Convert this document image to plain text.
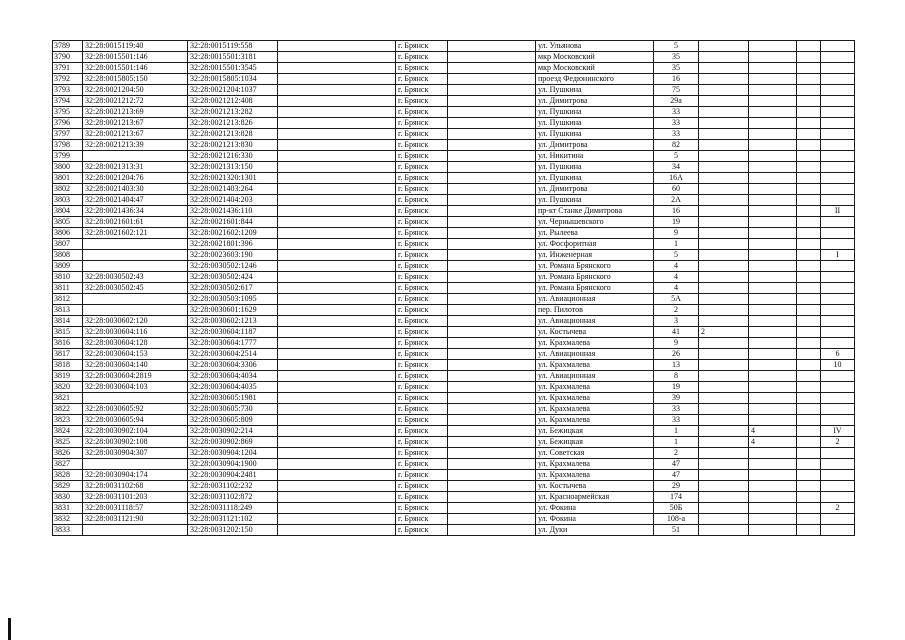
3789	32:28:0015119:40	32:28:0015119:558		г. Брянск		ул. Ульянова	5				
3790	32:28:0015501:146	32:28:0015501:3181		г. Брянск		мкр Московский	35				
3791	32:28:0015501:146	32:28:0015501:3545		г. Брянск		мкр Московский	35				
3792	32:28:0015805:150	32:28:0015805:1034		г. Брянск		проезд Федюнинского	16				
3793	32:28:0021204:50	32:28:0021204:1037		г. Брянск		ул. Пушкина	75				
3794	32:28:0021212:72	32:28:0021212:408		г. Брянск		ул. Димитрова	29а				
3795	32:28:0021213:69	32:28:0021213:282		г. Брянск		ул. Пушкина	33				
3796	32:28:0021213:67	32:28:0021213:826		г. Брянск		ул. Пушкина	33				
3797	32:28:0021213:67	32:28:0021213:828		г. Брянск		ул. Пушкина	33				
3798	32:28:0021213:39	32:28:0021213:830		г. Брянск		ул. Димитрова	82				
3799		32:28:0021216:330		г. Брянск		ул. Никитина	5				
3800	32:28:0021313:31	32:28:0021313:150		г. Брянск		ул. Пушкина	34				
3801	32:28:0021204:76	32:28:0021320:1301		г. Брянск		ул. Пушкина	16А				
3802	32:28:0021403:30	32:28:0021403:264		г. Брянск		ул. Димитрова	60				
3803	32:28:0021404:47	32:28:0021404:203		г. Брянск		ул. Пушкина	2А				
3804	32:28:0021436:34	32:28:0021436:110		г. Брянск		пр-кт Станке Димитрова	16				II
3805	32:28:0021601:61	32:28:0021601:844		г. Брянск		ул. Чернышевского	19				
3806	32:28:0021602:121	32:28:0021602:1209		г. Брянск		ул. Рылеева	9				
3807		32:28:0021801:396		г. Брянск		ул. Фосфоритная	1				
3808		32:28:0023603:190		г. Брянск		ул. Инженерная	5				I
3809		32:28:0030502:1246		г. Брянск		ул. Романа Брянского	4				
3810	32:28:0030502:43	32:28:0030502:424		г. Брянск		ул. Романа Брянского	4				
3811	32:28:0030502:45	32:28:0030502:617		г. Брянск		ул. Романа Брянского	4				
3812		32:28:0030503:1095		г. Брянск		ул. Авиационная	5А				
3813		32:28:0030601:1629		г. Брянск		пер. Пилотов	2				
3814	32:28:0030602:120	32:28:0030602:1213		г. Брянск		ул. Авиационная	3				
3815	32:28:0030604:116	32:28:0030604:1187		г. Брянск		ул. Костычева	41	2			
3816	32:28:0030604:128	32:28:0030604:1777		г. Брянск		ул. Крахмалева	9				
3817	32:28:0030604:153	32:28:0030604:2514		г. Брянск		ул. Авиационная	26				6
3818	32:28:0030604:140	32:28:0030604:3306		г. Брянск		ул. Крахмалева	13				10
3819	32:28:0030604:2819	32:28:0030604:4034		г. Брянск		ул. Авиационная	8				
3820	32:28:0030604:103	32:28:0030604:4035		г. Брянск		ул. Крахмалева	19				
3821		32:28:0030605:1981		г. Брянск		ул. Крахмалева	39				
3822	32:28:0030605:92	32:28:0030605:730		г. Брянск		ул. Крахмалева	33				
3823	32:28:0030605:94	32:28:0030605:809		г. Брянск		ул. Крахмалева	33				
3824	32:28:0030902:104	32:28:0030902:214		г. Брянск		ул. Бежицкая	1		4		IV
3825	32:28:0030902:108	32:28:0030902:869		г. Брянск		ул. Бежицкая	1		4		2
3826	32:28:0030904:307	32:28:0030904:1204		г. Брянск		ул. Советская	2				
3827		32:28:0030904:1900		г. Брянск		ул. Крахмалева	47				
3828	32:28:0030904:174	32:28:0030904:2481		г. Брянск		ул. Крахмалева	47				
3829	32:28:0031102:68	32:28:0031102:232		г. Брянск		ул. Костычева	29				
3830	32:28:0031101:203	32:28:0031102:872		г. Брянск		ул. Красноармейская	174				
3831	32:28:0031118:57	32:28:0031118:249		г. Брянск		ул. Фокина	50Б				2
3832	32:28:0031121:90	32:28:0031121:102		г. Брянск		ул. Фокина	108-а				
3833		32:28:0031202:150		г. Брянск		ул. Дуки	51				
